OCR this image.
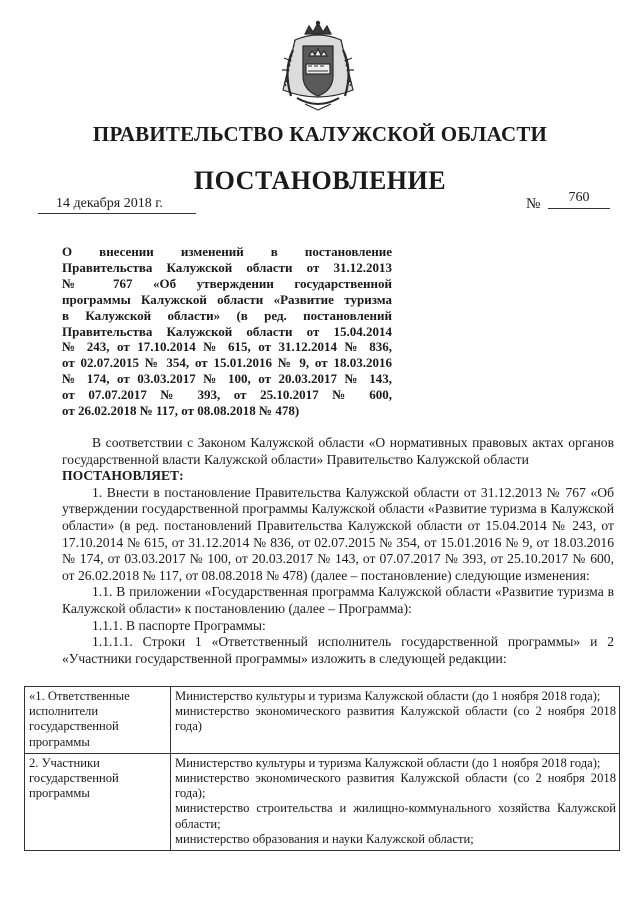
ПРАВИТЕЛЬСТВО КАЛУЖСКОЙ ОБЛАСТИ
ПОСТАНОВЛЕНИЕ
14 декабря 2018 г.	№	760
О внесении изменений в постановление
Правительства Калужской области от 31.12.2013
№ 767 «Об утверждении государственной
программы Калужской области «Развитие туризма
в Калужской области» (в ред. постановлений
Правительства Калужской области от 15.04.2014
№ 243, от 17.10.2014 № 615, от 31.12.2014 № 836,
от 02.07.2015 № 354, от 15.01.2016 № 9, от 18.03.2016
№ 174, от 03.03.2017 № 100, от 20.03.2017 № 143,
от 07.07.2017 № 393, от 25.10.2017 № 600,
от 26.02.2018 № 117, от 08.08.2018 № 478)

В соответствии с Законом Калужской области «О нормативных правовых актах органов государственной власти Калужской области» Правительство Калужской области

ПОСТАНОВЛЯЕТ:

1. Внести в постановление Правительства Калужской области от 31.12.2013 № 767 «Об утверждении государственной программы Калужской области «Развитие туризма в Калужской области» (в ред. постановлений Правительства Калужской области от 15.04.2014 № 243, от 17.10.2014 № 615, от 31.12.2014 № 836, от 02.07.2015 № 354, от 15.01.2016 № 9, от 18.03.2016 № 174, от 03.03.2017 № 100, от 20.03.2017 № 143, от 07.07.2017 № 393, от 25.10.2017 № 600, от 26.02.2018 № 117, от 08.08.2018 № 478) (далее – постановление) следующие изменения:

1.1. В приложении «Государственная программа Калужской области «Развитие туризма в Калужской области» к постановлению (далее – Программа):

1.1.1. В паспорте Программы:

1.1.1.1. Строки 1 «Ответственный исполнитель государственной программы» и 2 «Участники государственной программы» изложить в следующей редакции:

«1. Ответственные исполнители государственной программы	Министерство культуры и туризма Калужской области (до 1 ноября 2018 года);
министерство экономического развития Калужской области (со 2 ноября 2018 года)

2. Участники государственной программы	Министерство культуры и туризма Калужской области (до 1 ноября 2018 года);
министерство экономического развития Калужской области (со 2 ноября 2018 года);
министерство строительства и жилищно-коммунального хозяйства Калужской области;
министерство образования и науки Калужской области;
